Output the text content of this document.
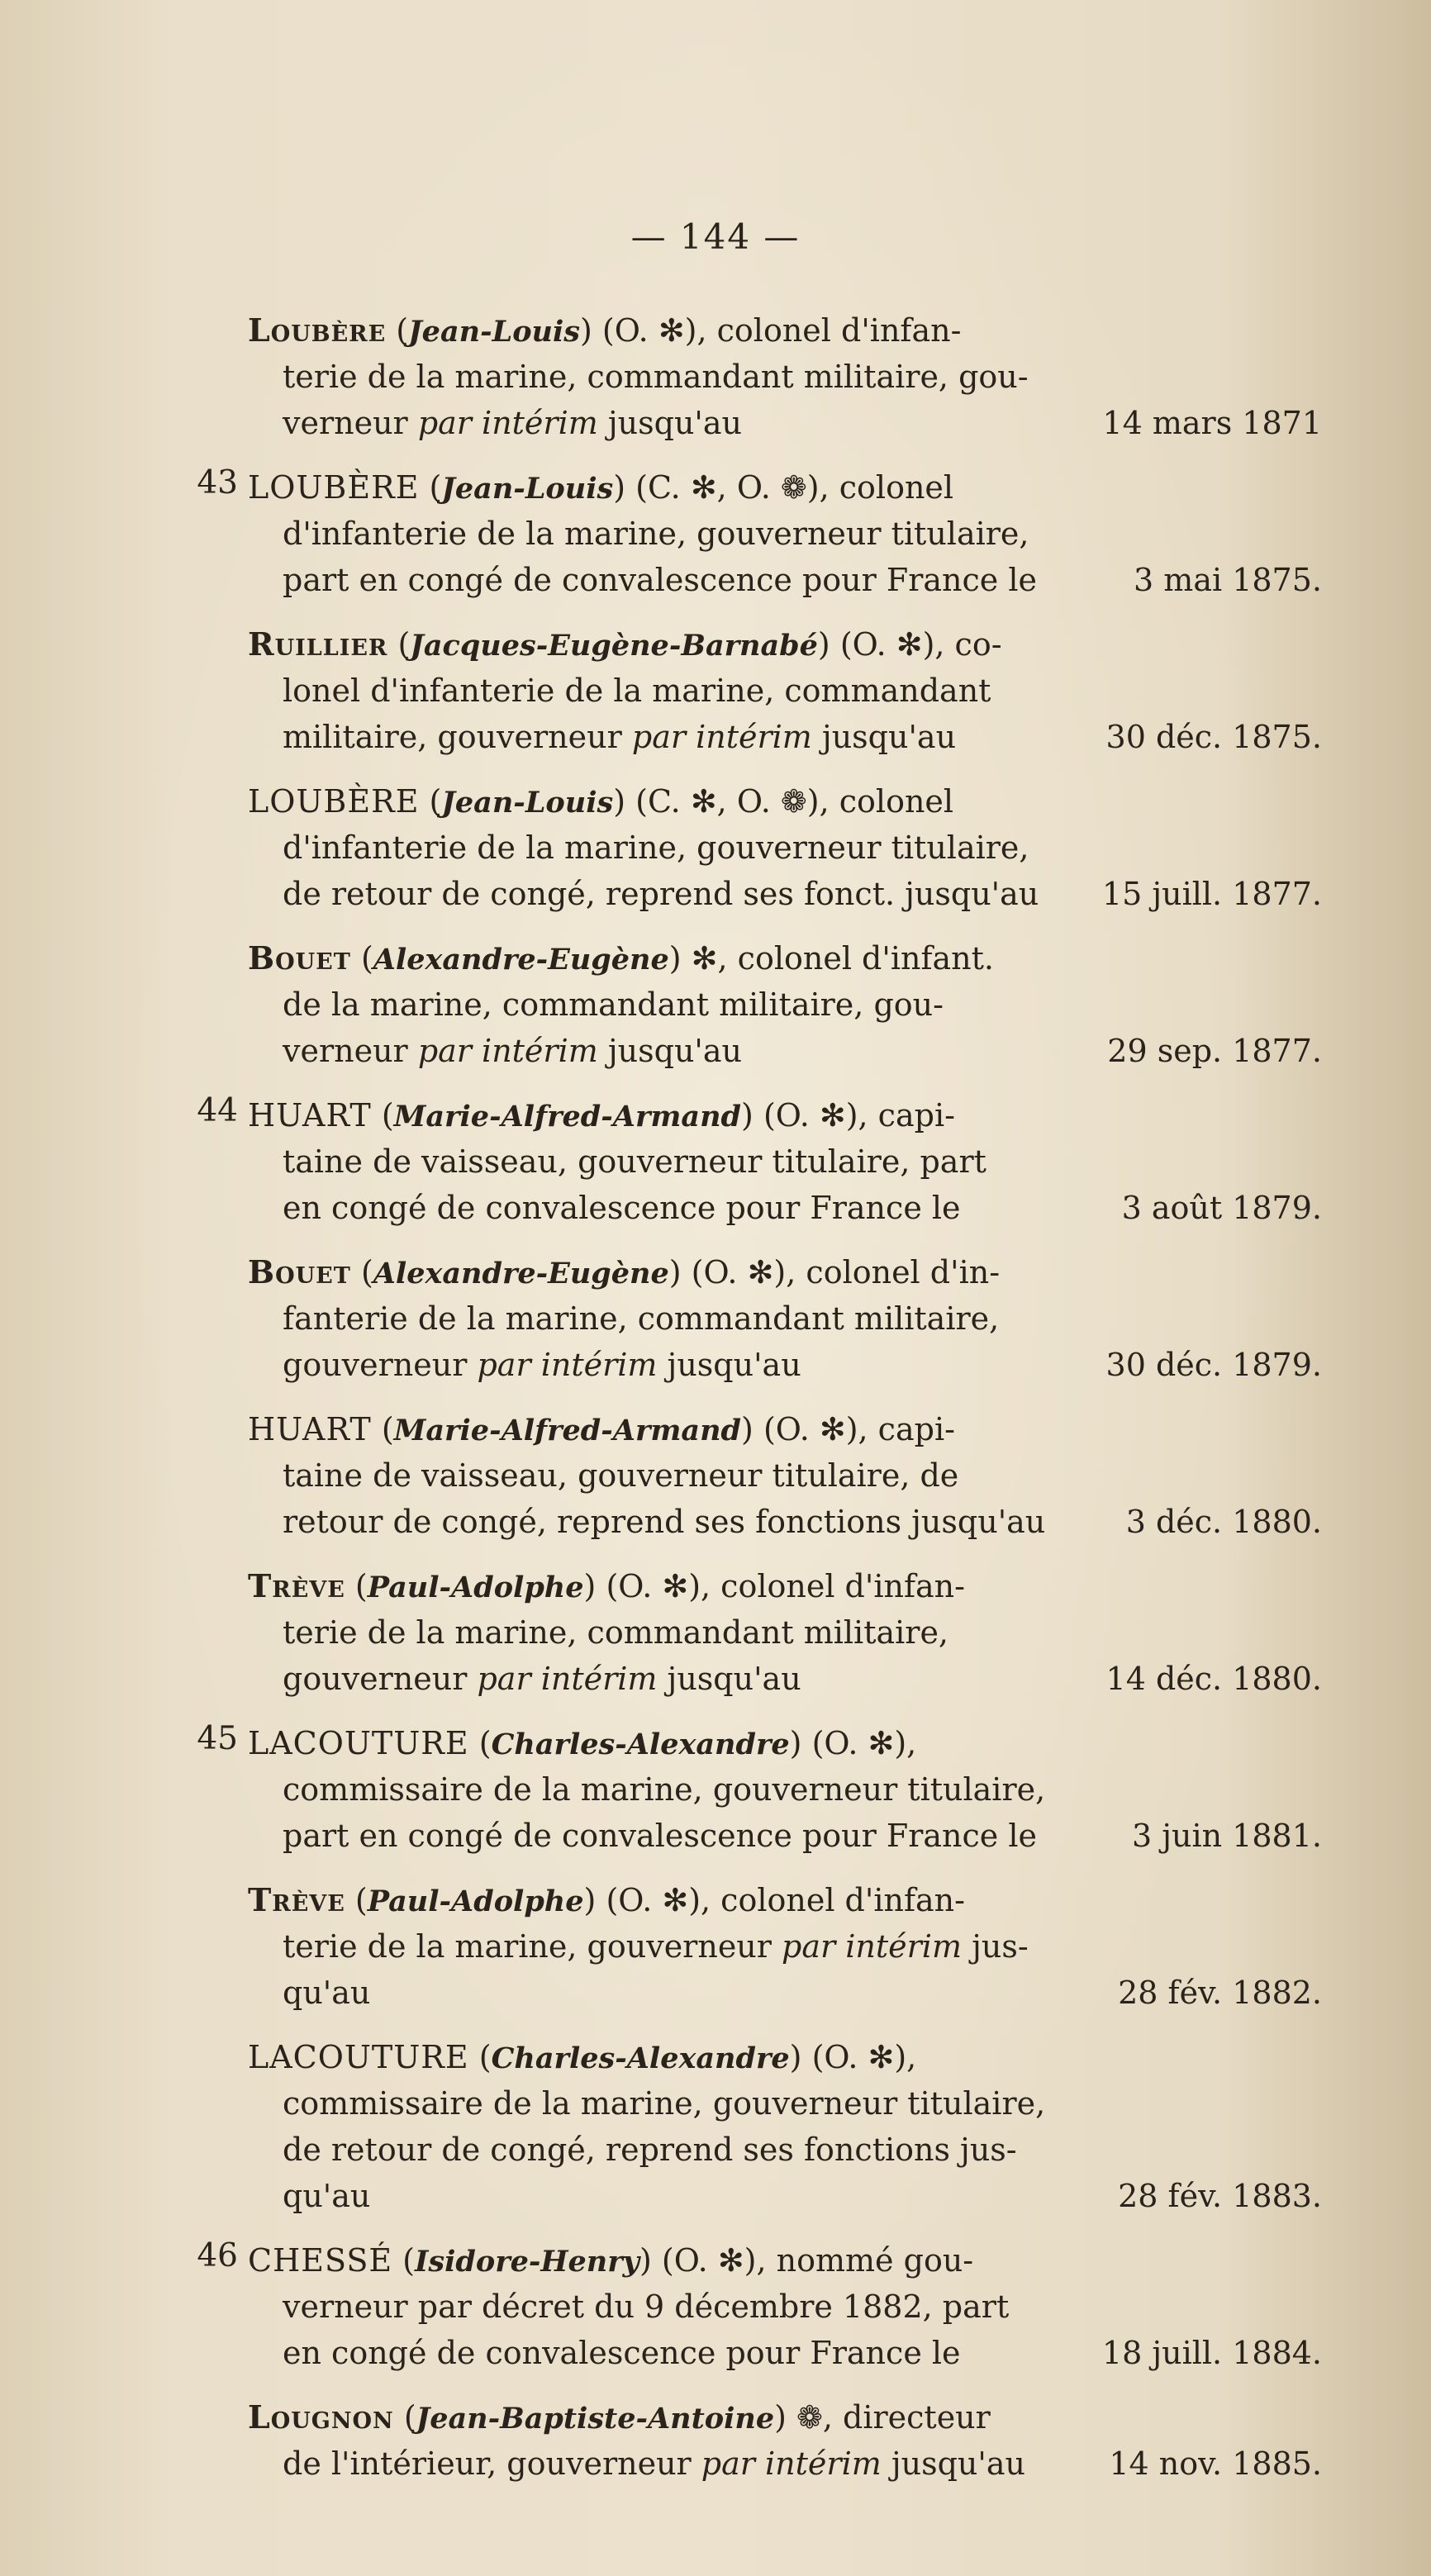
— 144 —
Loubère (Jean-Louis) (O. ✻), colonel d'infan-
terie de la marine, commandant militaire, gou-
verneur par intérim jusqu'au	14 mars 1871
43 LOUBÈRE (Jean-Louis) (C. ✻, O. ❁), colonel
d'infanterie de la marine, gouverneur titulaire,
part en congé de convalescence pour France le	3 mai 1875.
Ruillier (Jacques-Eugène-Barnabé) (O. ✻), co-
lonel d'infanterie de la marine, commandant
militaire, gouverneur par intérim jusqu'au	30 déc. 1875.
LOUBÈRE (Jean-Louis) (C. ✻, O. ❁), colonel
d'infanterie de la marine, gouverneur titulaire,
de retour de congé, reprend ses fonct. jusqu'au	15 juill. 1877.
Bouet (Alexandre-Eugène) ✻, colonel d'infant.
de la marine, commandant militaire, gou-
verneur par intérim jusqu'au	29 sep. 1877.
44 HUART (Marie-Alfred-Armand) (O. ✻), capi-
taine de vaisseau, gouverneur titulaire, part
en congé de convalescence pour France le	3 août 1879.
Bouet (Alexandre-Eugène) (O. ✻), colonel d'in-
fanterie de la marine, commandant militaire,
gouverneur par intérim jusqu'au	30 déc. 1879.
HUART (Marie-Alfred-Armand) (O. ✻), capi-
taine de vaisseau, gouverneur titulaire, de
retour de congé, reprend ses fonctions jusqu'au	3 déc. 1880.
Trève (Paul-Adolphe) (O. ✻), colonel d'infan-
terie de la marine, commandant militaire,
gouverneur par intérim jusqu'au	14 déc. 1880.
45 LACOUTURE (Charles-Alexandre) (O. ✻),
commissaire de la marine, gouverneur titulaire,
part en congé de convalescence pour France le	3 juin 1881.
Trève (Paul-Adolphe) (O. ✻), colonel d'infan-
terie de la marine, gouverneur par intérim jus-
qu'au	28 fév. 1882.
LACOUTURE (Charles-Alexandre) (O. ✻),
commissaire de la marine, gouverneur titulaire,
de retour de congé, reprend ses fonctions jus-
qu'au	28 fév. 1883.
46 CHESSÉ (Isidore-Henry) (O. ✻), nommé gou-
verneur par décret du 9 décembre 1882, part
en congé de convalescence pour France le	18 juill. 1884.
Lougnon (Jean-Baptiste-Antoine) ❁, directeur
de l'intérieur, gouverneur par intérim jusqu'au	14 nov. 1885.
